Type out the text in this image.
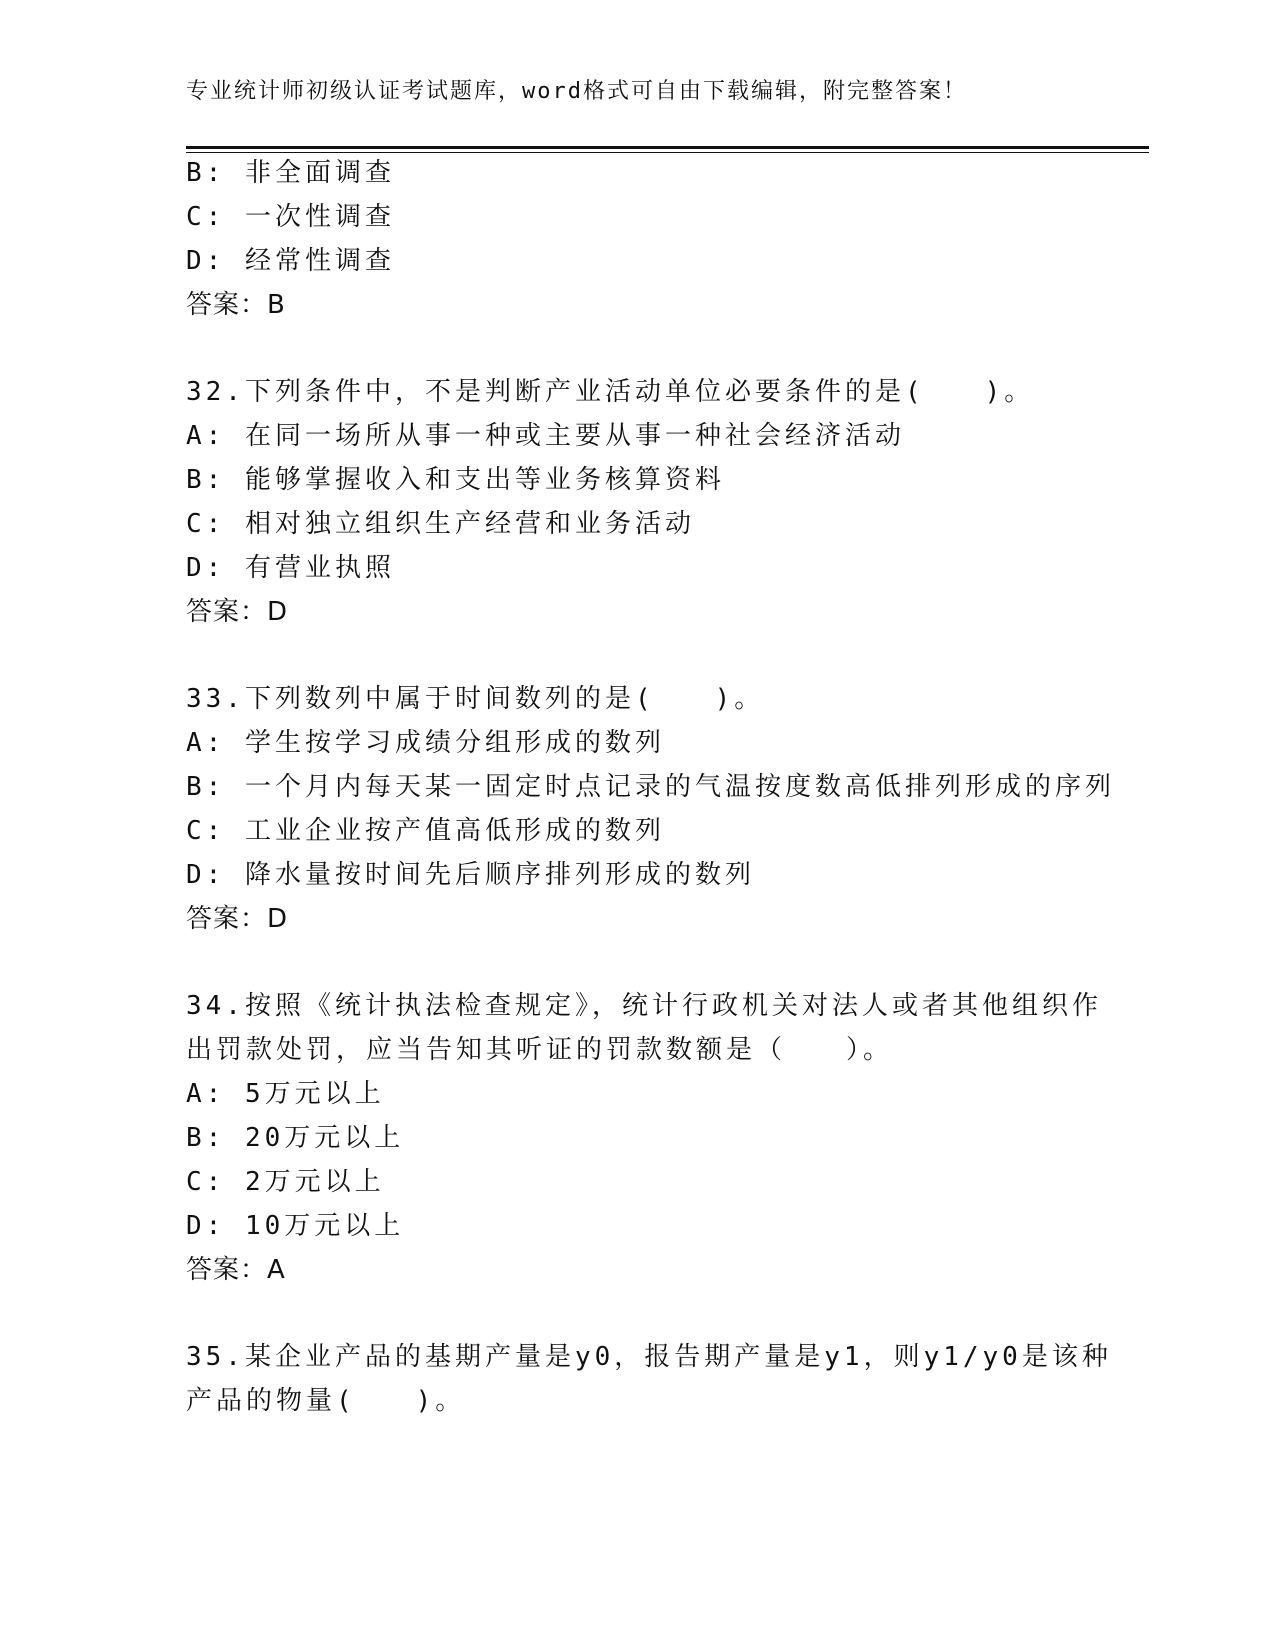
专业统计师初级认证考试题库，word格式可自由下载编辑，附完整答案！
B: 非全面调查
C: 一次性调查
D: 经常性调查
答案：B
32.下列条件中，不是判断产业活动单位必要条件的是(　　)。
A: 在同一场所从事一种或主要从事一种社会经济活动
B: 能够掌握收入和支出等业务核算资料
C: 相对独立组织生产经营和业务活动
D: 有营业执照
答案：D
33.下列数列中属于时间数列的是(　　)。
A: 学生按学习成绩分组形成的数列
B: 一个月内每天某一固定时点记录的气温按度数高低排列形成的序列
C: 工业企业按产值高低形成的数列
D: 降水量按时间先后顺序排列形成的数列
答案：D
34.按照《统计执法检查规定》，统计行政机关对法人或者其他组织作
出罚款处罚，应当告知其听证的罚款数额是（　　）。
A: 5万元以上
B: 20万元以上
C: 2万元以上
D: 10万元以上
答案：A
35.某企业产品的基期产量是y0，报告期产量是y1，则y1/y0是该种
产品的物量(　　)。
